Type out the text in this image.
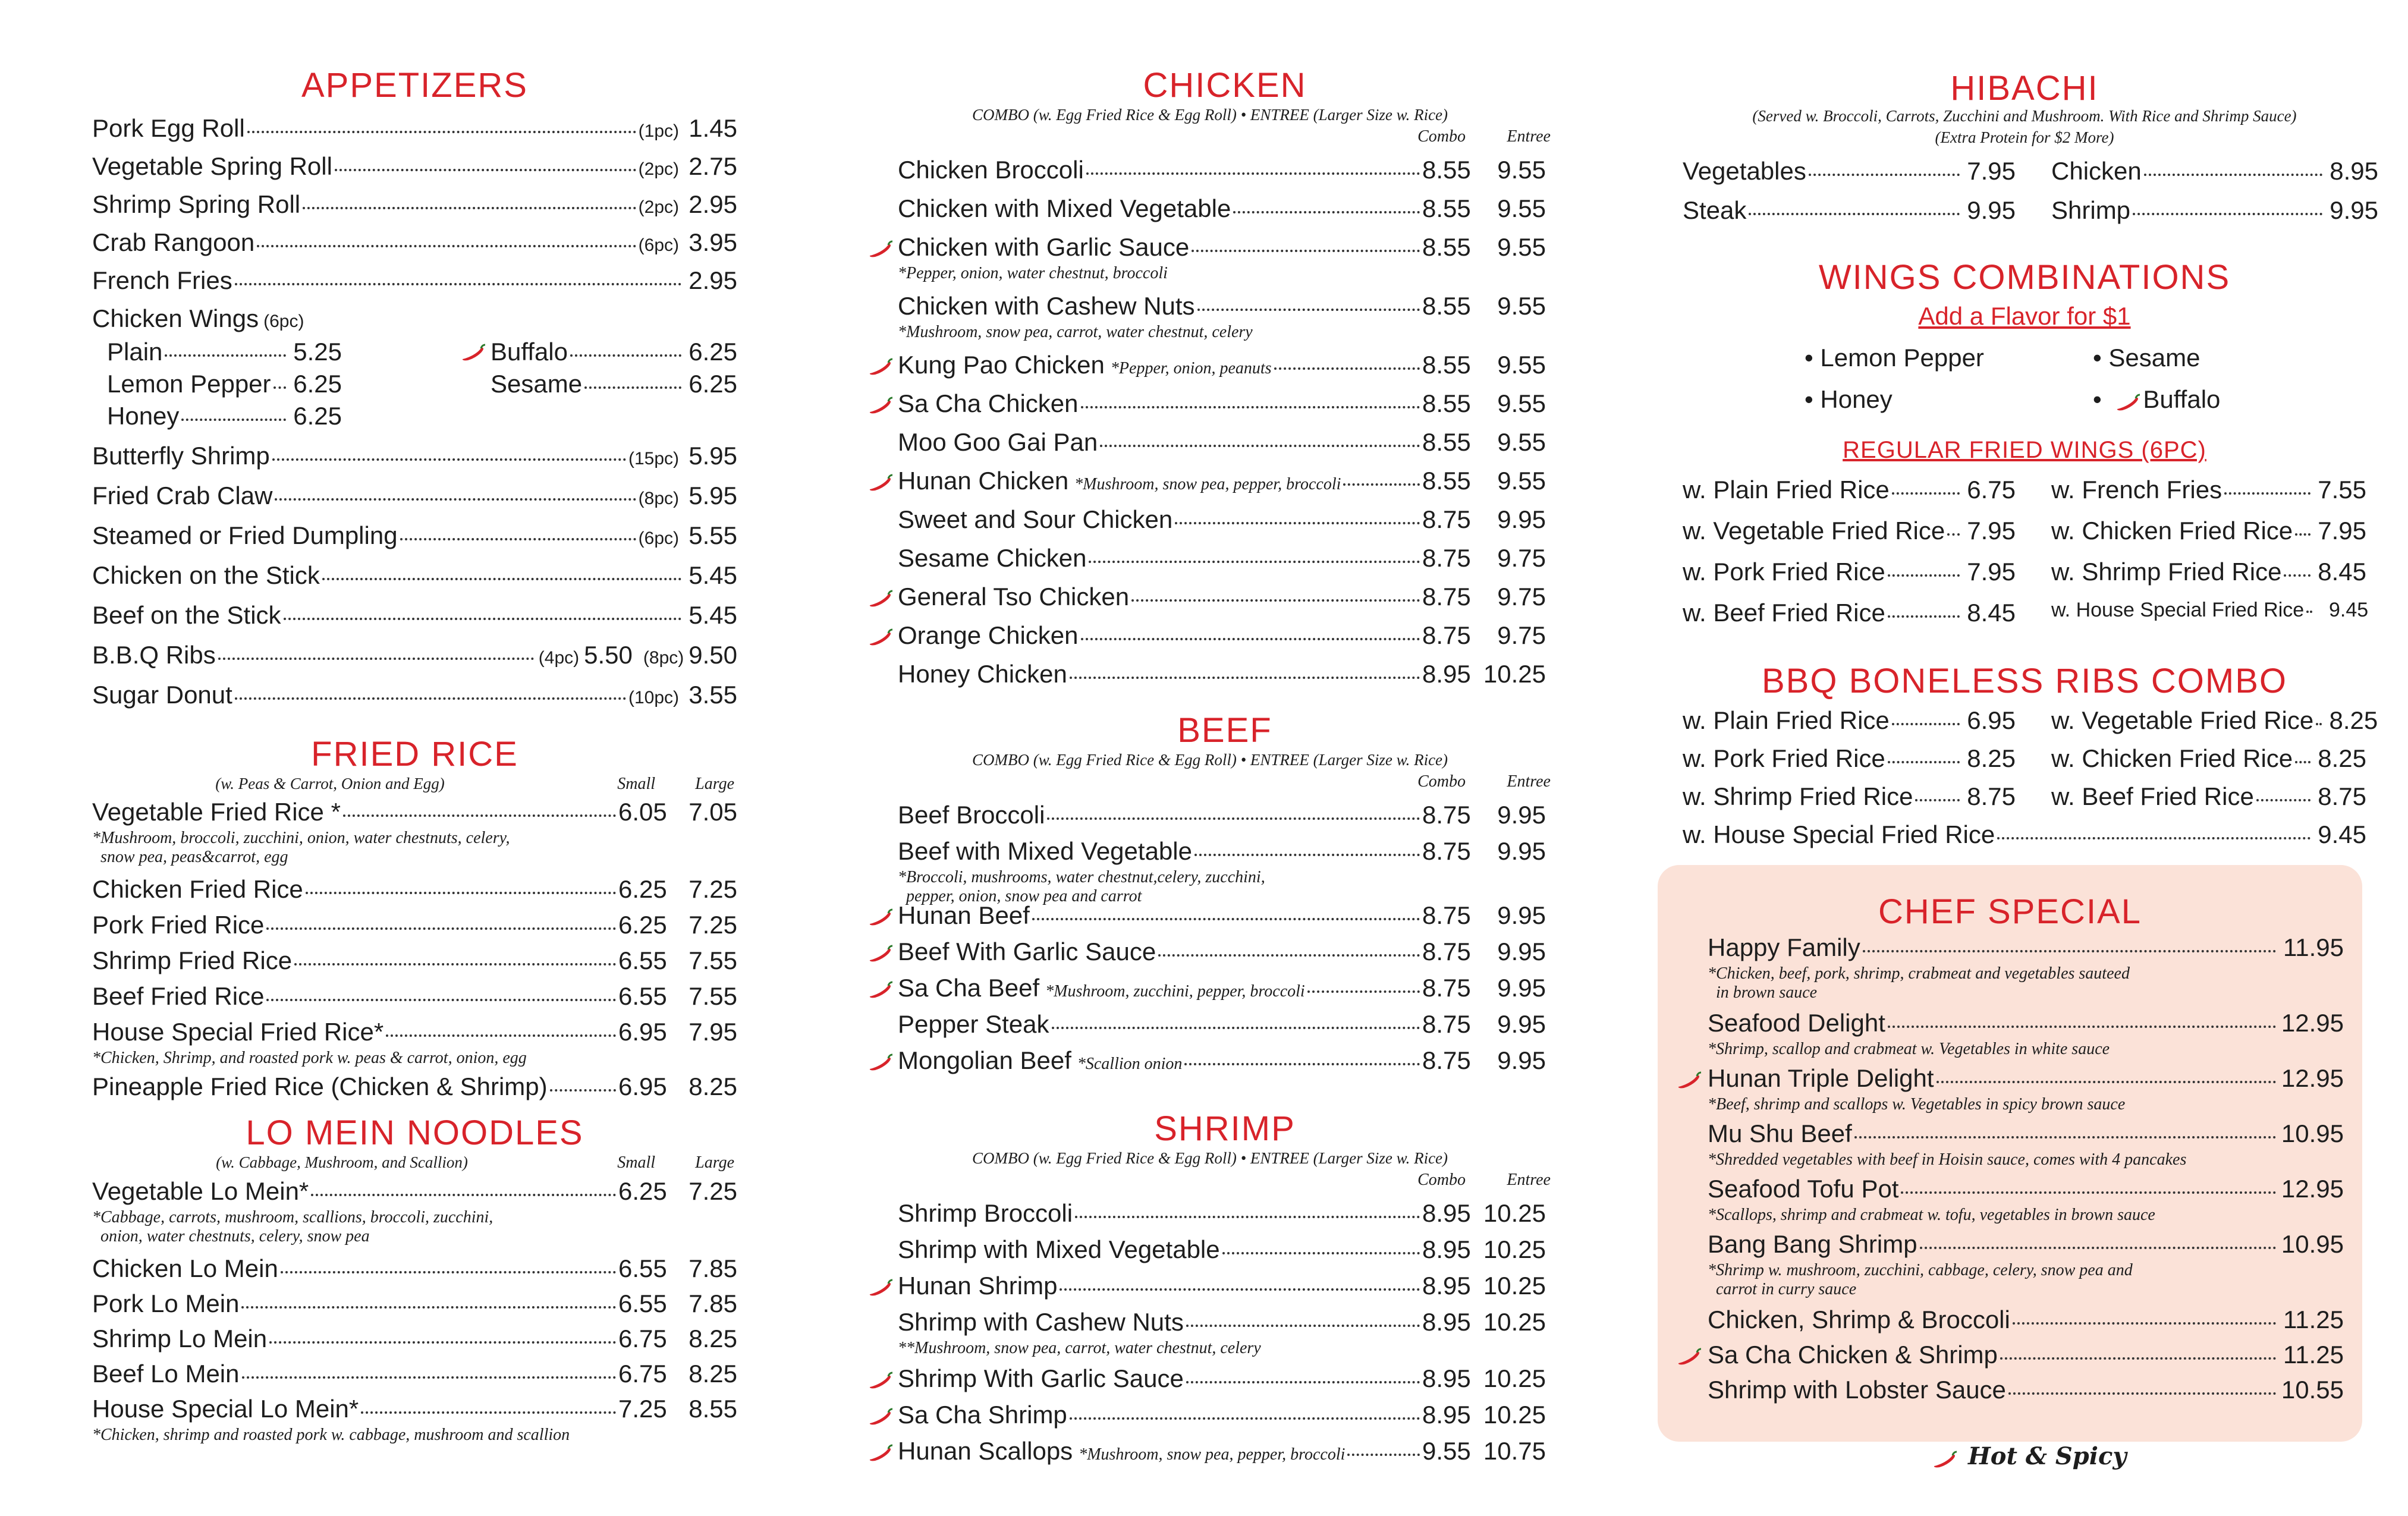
APPETIZERS
Pork Egg Roll	(1pc) 1.45
Vegetable Spring Roll	(2pc) 2.75
Shrimp Spring Roll	(2pc) 2.95
Crab Rangoon	(6pc) 3.95
French Fries	2.95
Chicken Wings (6pc)
Plain	5.25	Buffalo	6.25
Lemon Pepper 6.25	Sesame	6.25
Honey	6.25
Butterfly Shrimp	(15pc) 5.95
Fried Crab Claw	(8pc) 5.95
Steamed or Fried Dumpling	(6pc) 5.55
Chicken on the Stick	5.45
Beef on the Stick	5.45
B.B.Q Ribs	(4pc) 5.50 (8pc) 9.50
Sugar Donut	(10pc) 3.55
FRIED RICE
(w. Peas & Carrot, Onion and Egg)	Small	Large
Vegetable Fried Rice *	6.05 7.05
*Mushroom, broccoli, zucchini, onion, water chestnuts, celery,
snow pea, peas&carrot, egg
Chicken Fried Rice	6.25 7.25
Pork Fried Rice	6.25 7.25
Shrimp Fried Rice	6.55 7.55
Beef Fried Rice	6.55 7.55
House Special Fried Rice*	6.95 7.95
*Chicken, Shrimp, and roasted pork w. peas & carrot, onion, egg
Pineapple Fried Rice (Chicken & Shrimp)	6.95 8.25
LO MEIN NOODLES
(w. Cabbage, Mushroom, and Scallion)	Small	Large
Vegetable Lo Mein*	6.25 7.25
*Cabbage, carrots, mushroom, scallions, broccoli, zucchini,
onion, water chestnuts, celery, snow pea
Chicken Lo Mein	6.55 7.85
Pork Lo Mein	6.55 7.85
Shrimp Lo Mein	6.75 8.25
Beef Lo Mein	6.75 8.25
House Special Lo Mein*	7.25 8.55
*Chicken, shrimp and roasted pork w. cabbage, mushroom and scallion
CHICKEN
COMBO (w. Egg Fried Rice & Egg Roll) • ENTREE (Larger Size w. Rice)
Combo	Entree
Chicken Broccoli	8.55	9.55
Chicken with Mixed Vegetable	8.55	9.55
Chicken with Garlic Sauce	8.55	9.55
*Pepper, onion, water chestnut, broccoli
Chicken with Cashew Nuts	8.55	9.55
*Mushroom, snow pea, carrot, water chestnut, celery
Kung Pao Chicken *Pepper, onion, peanuts	8.55	9.55
Sa Cha Chicken	8.55	9.55
Moo Goo Gai Pan	8.55	9.55
Hunan Chicken *Mushroom, snow pea, pepper, broccoli	8.55	9.55
Sweet and Sour Chicken	8.75	9.95
Sesame Chicken	8.75	9.75
General Tso Chicken	8.75	9.75
Orange Chicken	8.75	9.75
Honey Chicken	8.95 10.25
BEEF
COMBO (w. Egg Fried Rice & Egg Roll) • ENTREE (Larger Size w. Rice)
Combo	Entree
Beef Broccoli	8.75	9.95
Beef with Mixed Vegetable	8.75	9.95
*Broccoli, mushrooms, water chestnut,celery, zucchini,
pepper, onion, snow pea and carrot
Hunan Beef	8.75	9.95
Beef With Garlic Sauce	8.75	9.95
Sa Cha Beef *Mushroom, zucchini, pepper, broccoli	8.75	9.95
Pepper Steak	8.75	9.95
Mongolian Beef *Scallion onion	8.75	9.95
SHRIMP
COMBO (w. Egg Fried Rice & Egg Roll) • ENTREE (Larger Size w. Rice)
Combo	Entree
Shrimp Broccoli	8.95 10.25
Shrimp with Mixed Vegetable	8.95 10.25
Hunan Shrimp	8.95 10.25
Shrimp with Cashew Nuts	8.95 10.25
**Mushroom, snow pea, carrot, water chestnut, celery
Shrimp With Garlic Sauce	8.95 10.25
Sa Cha Shrimp	8.95 10.25
Hunan Scallops *Mushroom, snow pea, pepper, broccoli	9.55 10.75
HIBACHI
(Served w. Broccoli, Carrots, Zucchini and Mushroom. With Rice and Shrimp Sauce)
(Extra Protein for $2 More)
Vegetables	7.95 Chicken	8.95
Steak	9.95 Shrimp	9.95
WINGS COMBINATIONS
Add a Flavor for $1
• Lemon Pepper	• Sesame
• Honey	• Buffalo
REGULAR FRIED WINGS (6PC)
w. Plain Fried Rice	6.75 w. French Fries	7.55
w. Vegetable Fried Rice 7.95 w. Chicken Fried Rice 7.95
w. Pork Fried Rice	7.95 w. Shrimp Fried Rice 8.45
w. Beef Fried Rice	8.45 w. House Special Fried Rice	9.45
BBQ BONELESS RIBS COMBO
w. Plain Fried Rice	6.95 w. Vegetable Fried Rice 8.25
w. Pork Fried Rice	8.25 w. Chicken Fried Rice 8.25
w. Shrimp Fried Rice 8.75 w. Beef Fried Rice	8.75
w. House Special Fried Rice	9.45
CHEF SPECIAL
Happy Family	11.95
*Chicken, beef, pork, shrimp, crabmeat and vegetables sauteed
in brown sauce
Seafood Delight	12.95
*Shrimp, scallop and crabmeat w. Vegetables in white sauce
Hunan Triple Delight	12.95
*Beef, shrimp and scallops w. Vegetables in spicy brown sauce
Mu Shu Beef	10.95
*Shredded vegetables with beef in Hoisin sauce, comes with 4 pancakes
Seafood Tofu Pot	12.95
*Scallops, shrimp and crabmeat w. tofu, vegetables in brown sauce
Bang Bang Shrimp	10.95
*Shrimp w. mushroom, zucchini, cabbage, celery, snow pea and
carrot in curry sauce
Chicken, Shrimp & Broccoli	11.25
Sa Cha Chicken & Shrimp	11.25
Shrimp with Lobster Sauce	10.55
Hot & Spicy
